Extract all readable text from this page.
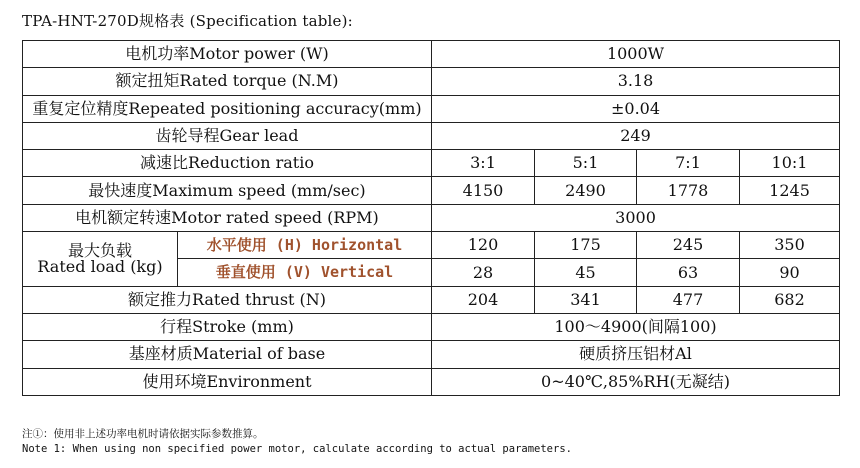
TPA-HNT-270D规格表 (Specification table):
电机功率Motor power (W)		1000W			
额定扭矩Rated torque (N.M)		3.18			
重复定位精度Repeated positioning accuracy(mm)		±0.04			
齿轮导程Gear lead		249			
减速比Reduction ratio		3:1	5:1	7:1	10:1
最快速度Maximum speed (mm/sec)		4150	2490	1778	1245
电机额定转速Motor rated speed (RPM)		3000			
最大负载
Rated load (kg)	水平使用 (H) Horizontal	120	175	245	350
	垂直使用 (V) Vertical	28	45	63	90
额定推力Rated thrust (N)		204	341	477	682
行程Stroke (mm)		100～4900(间隔100)			
基座材质Material of base		硬质挤压铝材Al			
使用环境Environment		0~40℃,85%RH(无凝结)			
注①：使用非上述功率电机时请依据实际参数推算。
Note 1: When using non specified power motor, calculate according to actual parameters.
